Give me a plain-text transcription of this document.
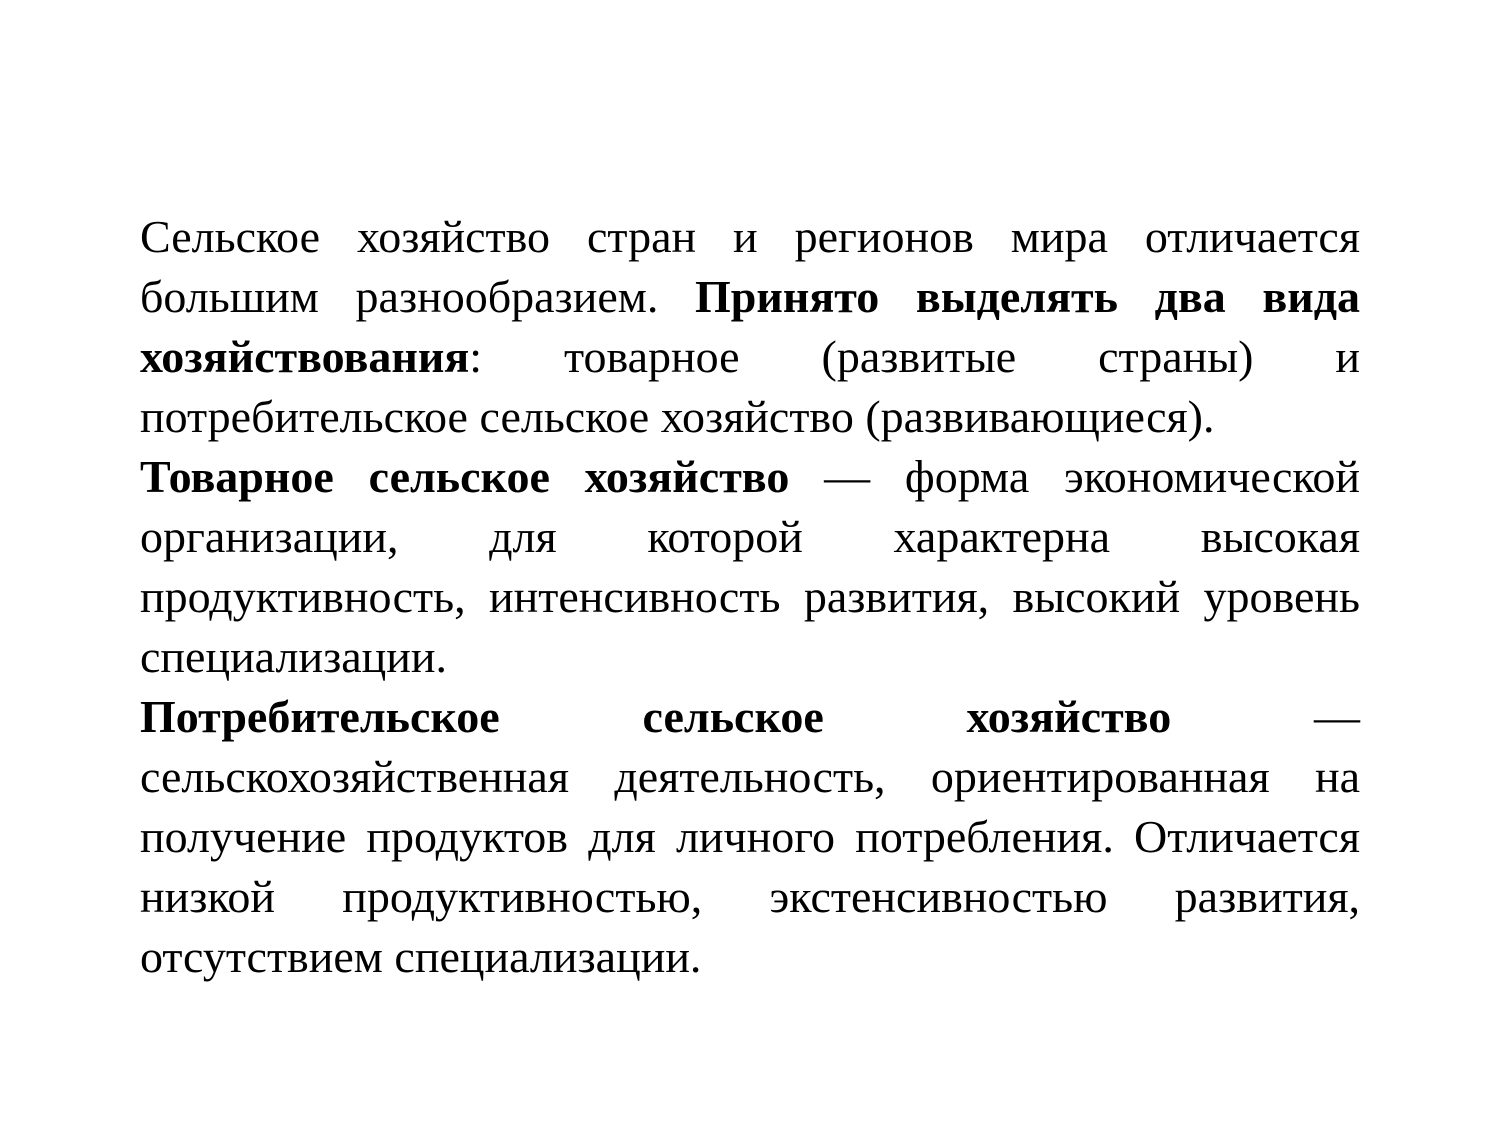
Сельское хозяйство стран и регионов мира отличается большим разнообразием. Принято выделять два вида хозяйствования: товарное (развитые страны) и потребительское сельское хозяйство (развивающиеся).

Товарное сельское хозяйство — форма экономической организации, для которой характерна высокая продуктивность, интенсивность развития, высокий уровень специализации.

Потребительское сельское хозяйство — сельскохозяйственная деятельность, ориентированная на получение продуктов для личного потребления. Отличается низкой продуктивностью, экстенсивностью развития, отсутствием специализации.
